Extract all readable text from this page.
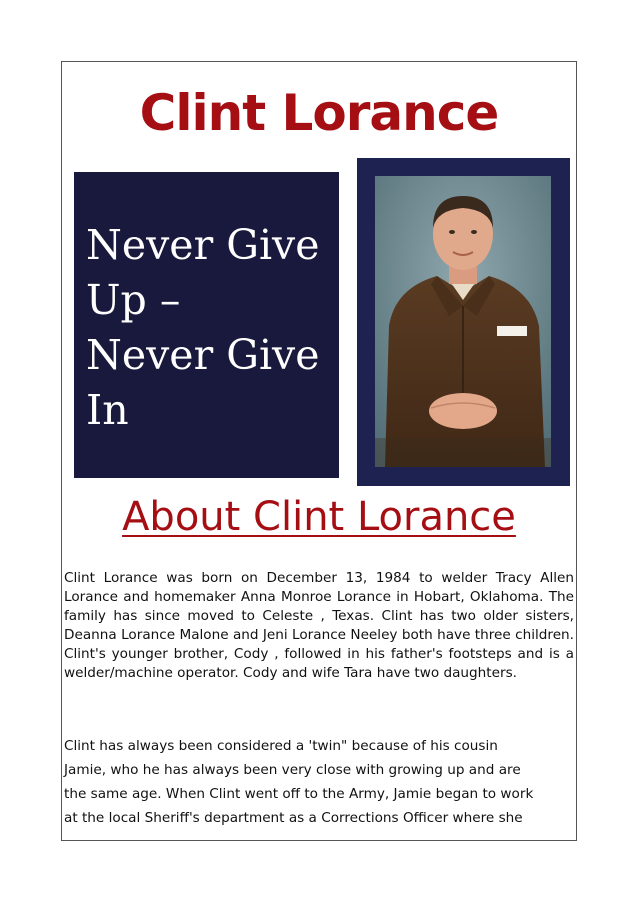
Clint Lorance
Never Give
Up –
Never Give
In
About Clint Lorance
Clint Lorance was born on December 13, 1984 to welder Tracy Allen Lorance and homemaker Anna Monroe Lorance in Hobart, Oklahoma. The family has since moved to Celeste , Texas. Clint has two older sisters, Deanna Lorance Malone and Jeni Lorance Neeley both have three children. Clint's younger brother, Cody , followed in his father's footsteps and is a welder/machine operator. Cody and wife Tara have two daughters.
Clint has always been considered a 'twin" because of his cousin
Jamie, who he has always been very close with growing up and are
the same age. When Clint went off to the Army, Jamie began to work
at the local Sheriff's department as a Corrections Officer where she
